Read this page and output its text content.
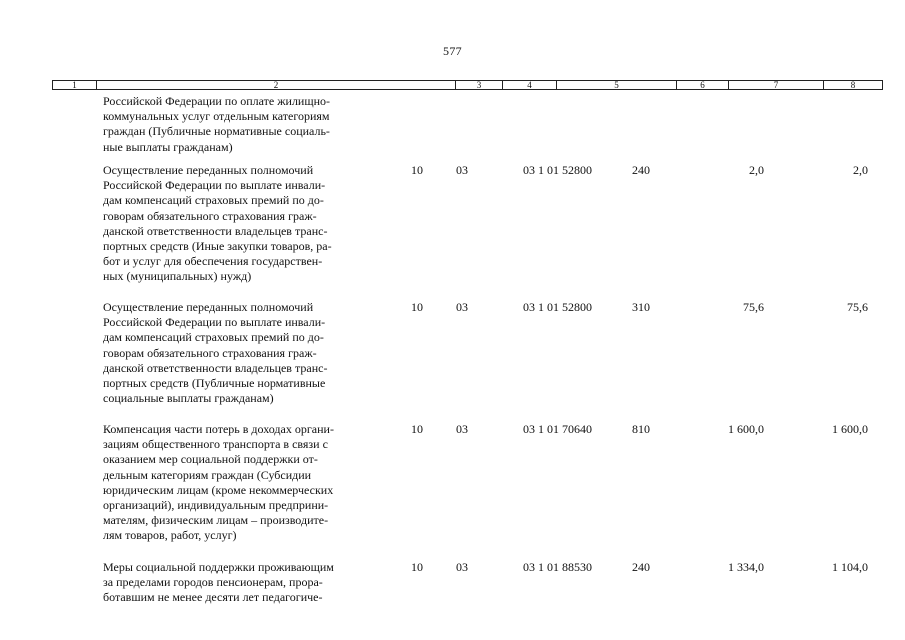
577
1	2	3	4	5	6	7	8
Российской Федерации по оплате жилищно-
коммунальных услуг отдельным категориям
граждан (Публичные нормативные социаль-
ные выплаты гражданам)
Осуществление переданных полномочий
Российской Федерации по выплате инвали-
дам компенсаций страховых премий по до-
говорам обязательного страхования граж-
данской ответственности владельцев транс-
портных средств (Иные закупки товаров, ра-
бот и услуг для обеспечения государствен-
ных (муниципальных) нужд)
10	03	03 1 01 52800	240	2,0	2,0
Осуществление переданных полномочий
Российской Федерации по выплате инвали-
дам компенсаций страховых премий по до-
говорам обязательного страхования граж-
данской ответственности владельцев транс-
портных средств (Публичные нормативные
социальные выплаты гражданам)
10	03	03 1 01 52800	310	75,6	75,6
Компенсация части потерь в доходах органи-
зациям общественного транспорта в связи с
оказанием мер социальной поддержки от-
дельным категориям граждан (Субсидии
юридическим лицам (кроме некоммерческих
организаций), индивидуальным предприни-
мателям, физическим лицам – производите-
лям товаров, работ, услуг)
10	03	03 1 01 70640	810	1 600,0	1 600,0
Меры социальной поддержки проживающим
за пределами городов пенсионерам, прора-
ботавшим не менее десяти лет педагогиче-
10	03	03 1 01 88530	240	1 334,0	1 104,0
